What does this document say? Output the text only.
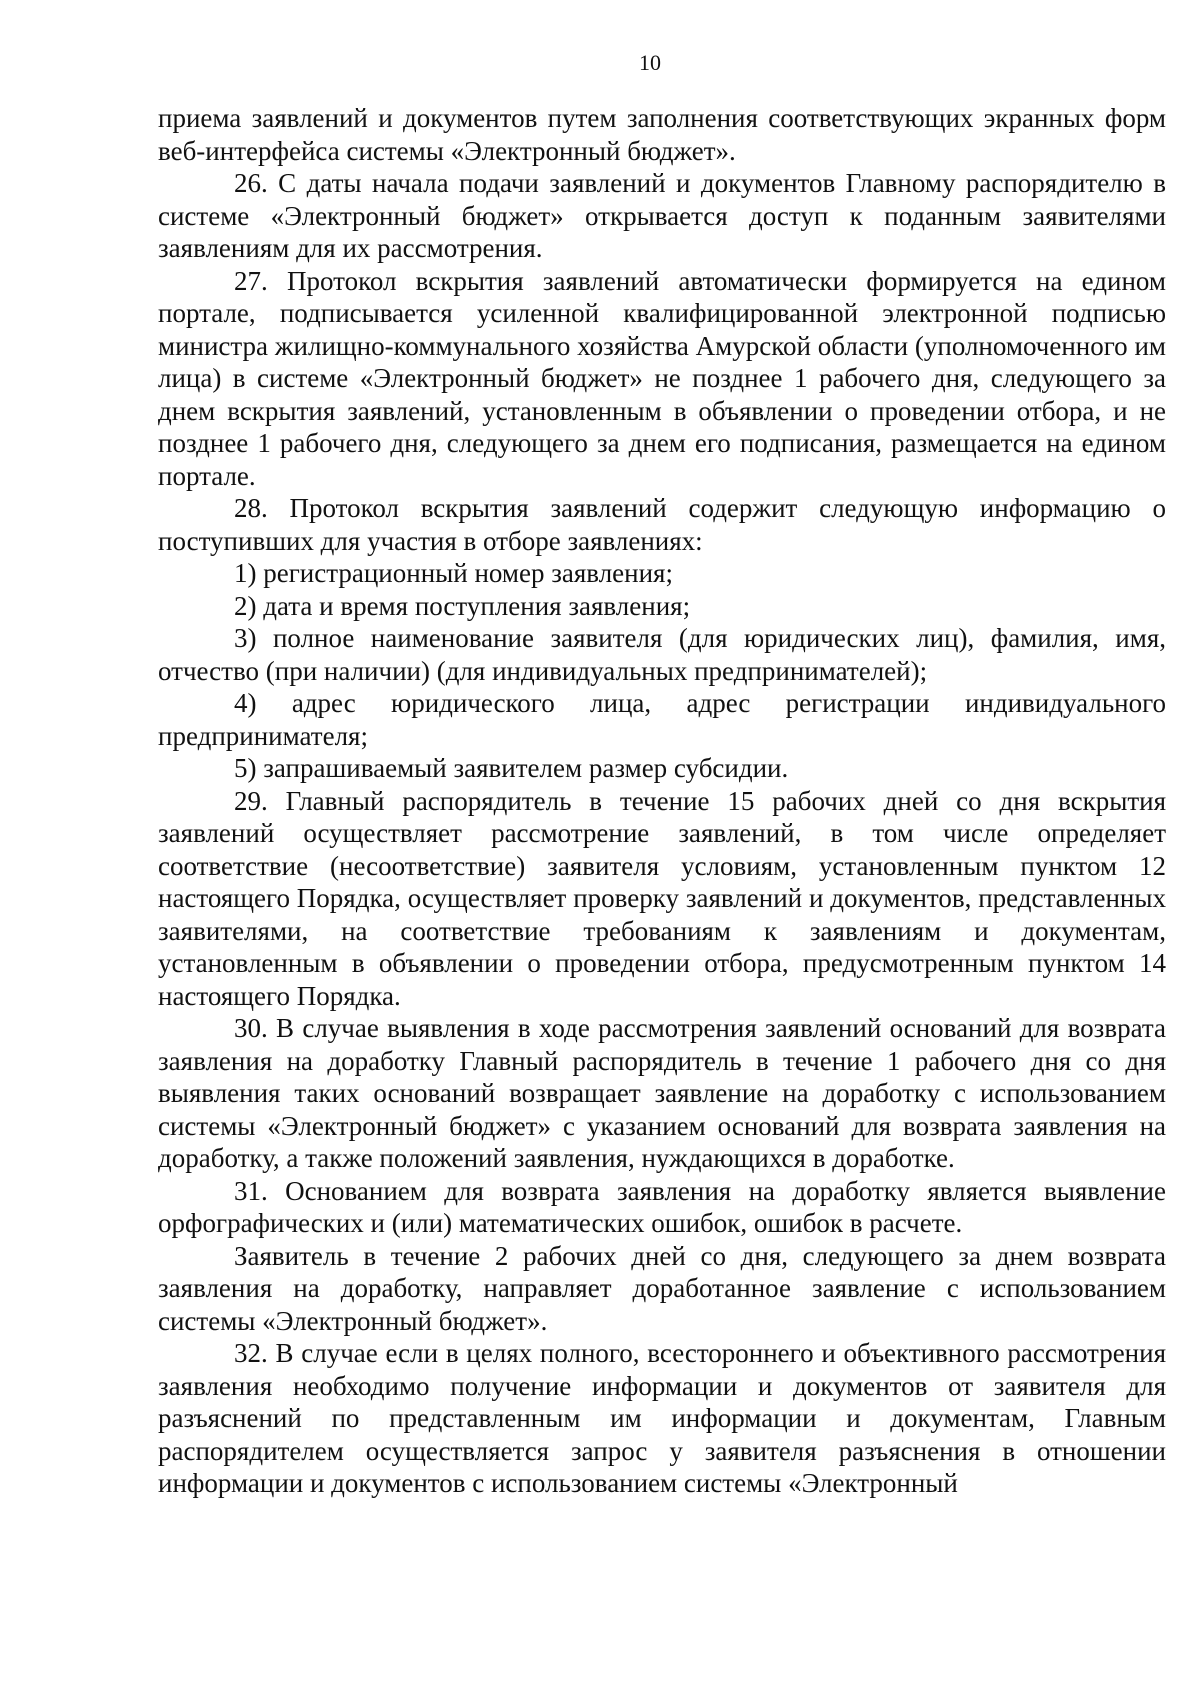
10

приема заявлений и документов путем заполнения соответствующих экранных форм веб-интерфейса системы «Электронный бюджет».

26. С даты начала подачи заявлений и документов Главному распорядителю в системе «Электронный бюджет» открывается доступ к поданным заявителями заявлениям для их рассмотрения.

27. Протокол вскрытия заявлений автоматически формируется на едином портале, подписывается усиленной квалифицированной электронной подписью министра жилищно-коммунального хозяйства Амурской области (уполномоченного им лица) в системе «Электронный бюджет» не позднее 1 рабочего дня, следующего за днем вскрытия заявлений, установленным в объявлении о проведении отбора, и не позднее 1 рабочего дня, следующего за днем его подписания, размещается на едином портале.

28. Протокол вскрытия заявлений содержит следующую информацию о поступивших для участия в отборе заявлениях:

1) регистрационный номер заявления;

2) дата и время поступления заявления;

3) полное наименование заявителя (для юридических лиц), фамилия, имя, отчество (при наличии) (для индивидуальных предпринимателей);

4) адрес юридического лица, адрес регистрации индивидуального предпринимателя;

5) запрашиваемый заявителем размер субсидии.

29. Главный распорядитель в течение 15 рабочих дней со дня вскрытия заявлений осуществляет рассмотрение заявлений, в том числе определяет соответствие (несоответствие) заявителя условиям, установленным пунктом 12 настоящего Порядка, осуществляет проверку заявлений и документов, представленных заявителями, на соответствие требованиям к заявлениям и документам, установленным в объявлении о проведении отбора, предусмотренным пунктом 14 настоящего Порядка.

30. В случае выявления в ходе рассмотрения заявлений оснований для возврата заявления на доработку Главный распорядитель в течение 1 рабочего дня со дня выявления таких оснований возвращает заявление на доработку с использованием системы «Электронный бюджет» с указанием оснований для возврата заявления на доработку, а также положений заявления, нуждающихся в доработке.

31. Основанием для возврата заявления на доработку является выявление орфографических и (или) математических ошибок, ошибок в расчете.

Заявитель в течение 2 рабочих дней со дня, следующего за днем возврата заявления на доработку, направляет доработанное заявление с использованием системы «Электронный бюджет».

32. В случае если в целях полного, всестороннего и объективного рассмотрения заявления необходимо получение информации и документов от заявителя для разъяснений по представленным им информации и документам, Главным распорядителем осуществляется запрос у заявителя разъяснения в отношении информации и документов с использованием системы «Электронный
